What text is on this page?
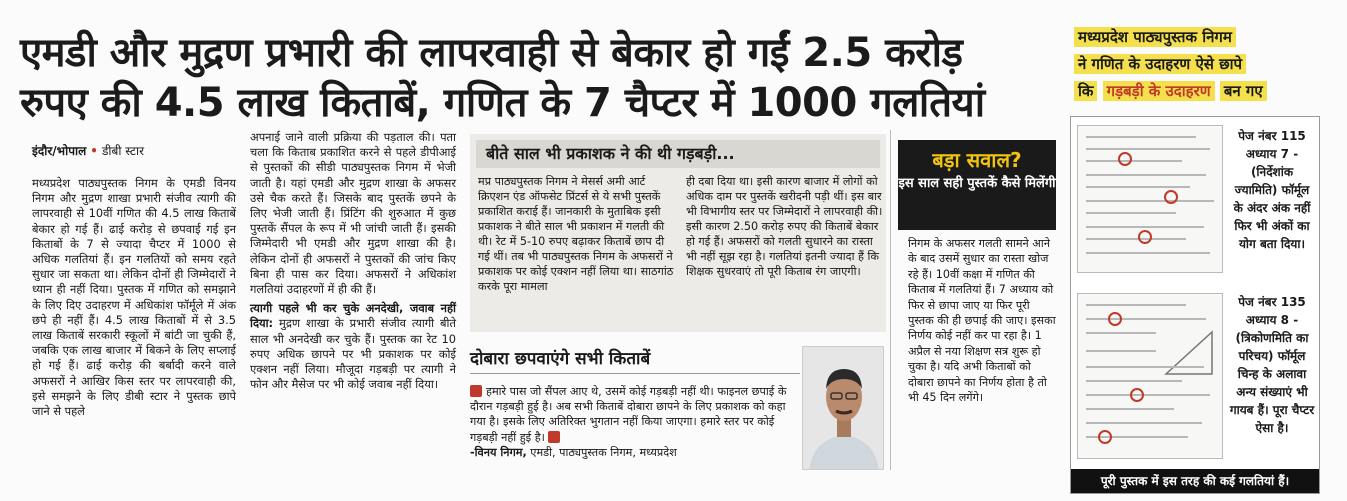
एमडी और मुद्रण प्रभारी की लापरवाही से बेकार हो गईं 2.5 करोड़
रुपए की 4.5 लाख किताबें, गणित के 7 चैप्टर में 1000 गलतियां
इंदौर/भोपाल • डीबी स्टार

मध्यप्रदेश पाठ्यपुस्तक निगम के एमडी विनय निगम और मुद्रण शाखा प्रभारी संजीव त्यागी की लापरवाही से 10वीं गणित की 4.5 लाख किताबें बेकार हो गई हैं। ढाई करोड़ से छपवाई गई इन किताबों के 7 से ज्यादा चैप्टर में 1000 से अधिक गलतियां हैं। इन गलतियों को समय रहते सुधार जा सकता था। लेकिन दोनों ही जिम्मेदारों ने ध्यान ही नहीं दिया। पुस्तक में गणित को समझाने के लिए दिए उदाहरण में अधिकांश फॉर्मूले में अंक छपे ही नहीं हैं। 4.5 लाख किताबों में से 3.5 लाख किताबें सरकारी स्कूलों में बांटी जा चुकी हैं, जबकि एक लाख बाजार में बिकने के लिए सप्लाई हो गई हैं। ढाई करोड़ की बर्बादी करने वाले अफसरों ने आखिर किस स्तर पर लापरवाही की, इसे समझने के लिए डीबी स्टार ने पुस्तक छापे जाने से पहले

अपनाई जाने वाली प्रक्रिया की पड़ताल की। पता चला कि किताब प्रकाशित करने से पहले डीपीआई से पुस्तकों की सीडी पाठ्यपुस्तक निगम में भेजी जाती है। यहां एमडी और मुद्रण शाखा के अफसर उसे चैक करते हैं। जिसके बाद पुस्तकें छपने के लिए भेजी जाती हैं। प्रिंटिंग की शुरुआत में कुछ पुस्तकें सैंपल के रूप में भी जांची जाती हैं। इसकी जिम्मेदारी भी एमडी और मुद्रण शाखा की है। लेकिन दोनों ही अफसरों ने पुस्तकों की जांच किए बिना ही पास कर दिया। अफसरों ने अधिकांश गलतियां उदाहरणों में ही की हैं।

त्यागी पहले भी कर चुके अनदेखी, जवाब नहीं दिया: मुद्रण शाखा के प्रभारी संजीव त्यागी बीते साल भी अनदेखी कर चुके हैं। पुस्तक का रेट 10 रुपए अधिक छापने पर भी प्रकाशक पर कोई एक्शन नहीं लिया। मौजूदा गड़बड़ी पर त्यागी ने फोन और मैसेज पर भी कोई जवाब नहीं दिया।

बीते साल भी प्रकाशक ने की थी गड़बड़ी...
मप्र पाठ्यपुस्तक निगम ने मेसर्स अमी आर्ट क्रिएशन एंड ऑफसेट प्रिंटर्स से ये सभी पुस्तकें प्रकाशित कराई हैं। जानकारी के मुताबिक इसी प्रकाशक ने बीते साल भी प्रकाशन में गलती की थी। रेट में 5-10 रुपए बढ़ाकर किताबें छाप दी गई थीं। तब भी पाठ्यपुस्तक निगम के अफसरों ने प्रकाशक पर कोई एक्शन नहीं लिया था। साठगांठ करके पूरा मामला
ही दबा दिया था। इसी कारण बाजार में लोगों को अधिक दाम पर पुस्तकें खरीदनी पड़ी थीं। इस बार भी विभागीय स्तर पर जिम्मेदारों ने लापरवाही की। इसी कारण 2.50 करोड़ रुपए की किताबें बेकार हो गई हैं। अफसरों को गलती सुधारने का रास्ता भी नहीं सूझ रहा है। गलतियां इतनी ज्यादा हैं कि शिक्षक सुधरवाएं तो पूरी किताब रंग जाएगी।
दोबारा छपवाएंगे सभी किताबें
हमारे पास जो सैंपल आए थे, उसमें कोई गड़बड़ी नहीं थी। फाइनल छपाई के दौरान गड़बड़ी हुई है। अब सभी किताबें दोबारा छापने के लिए प्रकाशक को कहा गया है। इसके लिए अतिरिक्त भुगतान नहीं किया जाएगा। हमारे स्तर पर कोई गड़बड़ी नहीं हुई है।
-विनय निगम, एमडी, पाठ्यपुस्तक निगम, मध्यप्रदेश
बड़ा सवाल?
इस साल सही पुस्तकें कैसे मिलेंगी
निगम के अफसर गलती सामने आने के बाद उसमें सुधार का रास्ता खोज रहे हैं। 10वीं कक्षा में गणित की किताब में गलतियां हैं। 7 अध्याय को फिर से छापा जाए या फिर पूरी पुस्तक की ही छपाई की जाए। इसका निर्णय कोई नहीं कर पा रहा है। 1 अप्रैल से नया शिक्षण सत्र शुरू हो चुका है। यदि अभी किताबों को दोबारा छापने का निर्णय होता है तो भी 45 दिन लगेंगे।
मध्यप्रदेश पाठ्यपुस्तक निगम
ने गणित के उदाहरण ऐसे छापे
कि गड़बड़ी के उदाहरण बन गए
पेज नंबर 115 अध्याय 7 - (निर्देशांक ज्यामिति) फॉर्मूल के अंदर अंक नहीं फिर भी अंकों का योग बता दिया।
पेज नंबर 135 अध्याय 8 - (त्रिकोणमिति का परिचय) फॉर्मूल चिन्ह के अलावा अन्य संख्याएं भी गायब हैं। पूरा चैप्टर ऐसा है।
पूरी पुस्तक में इस तरह की कई गलतियां हैं।
